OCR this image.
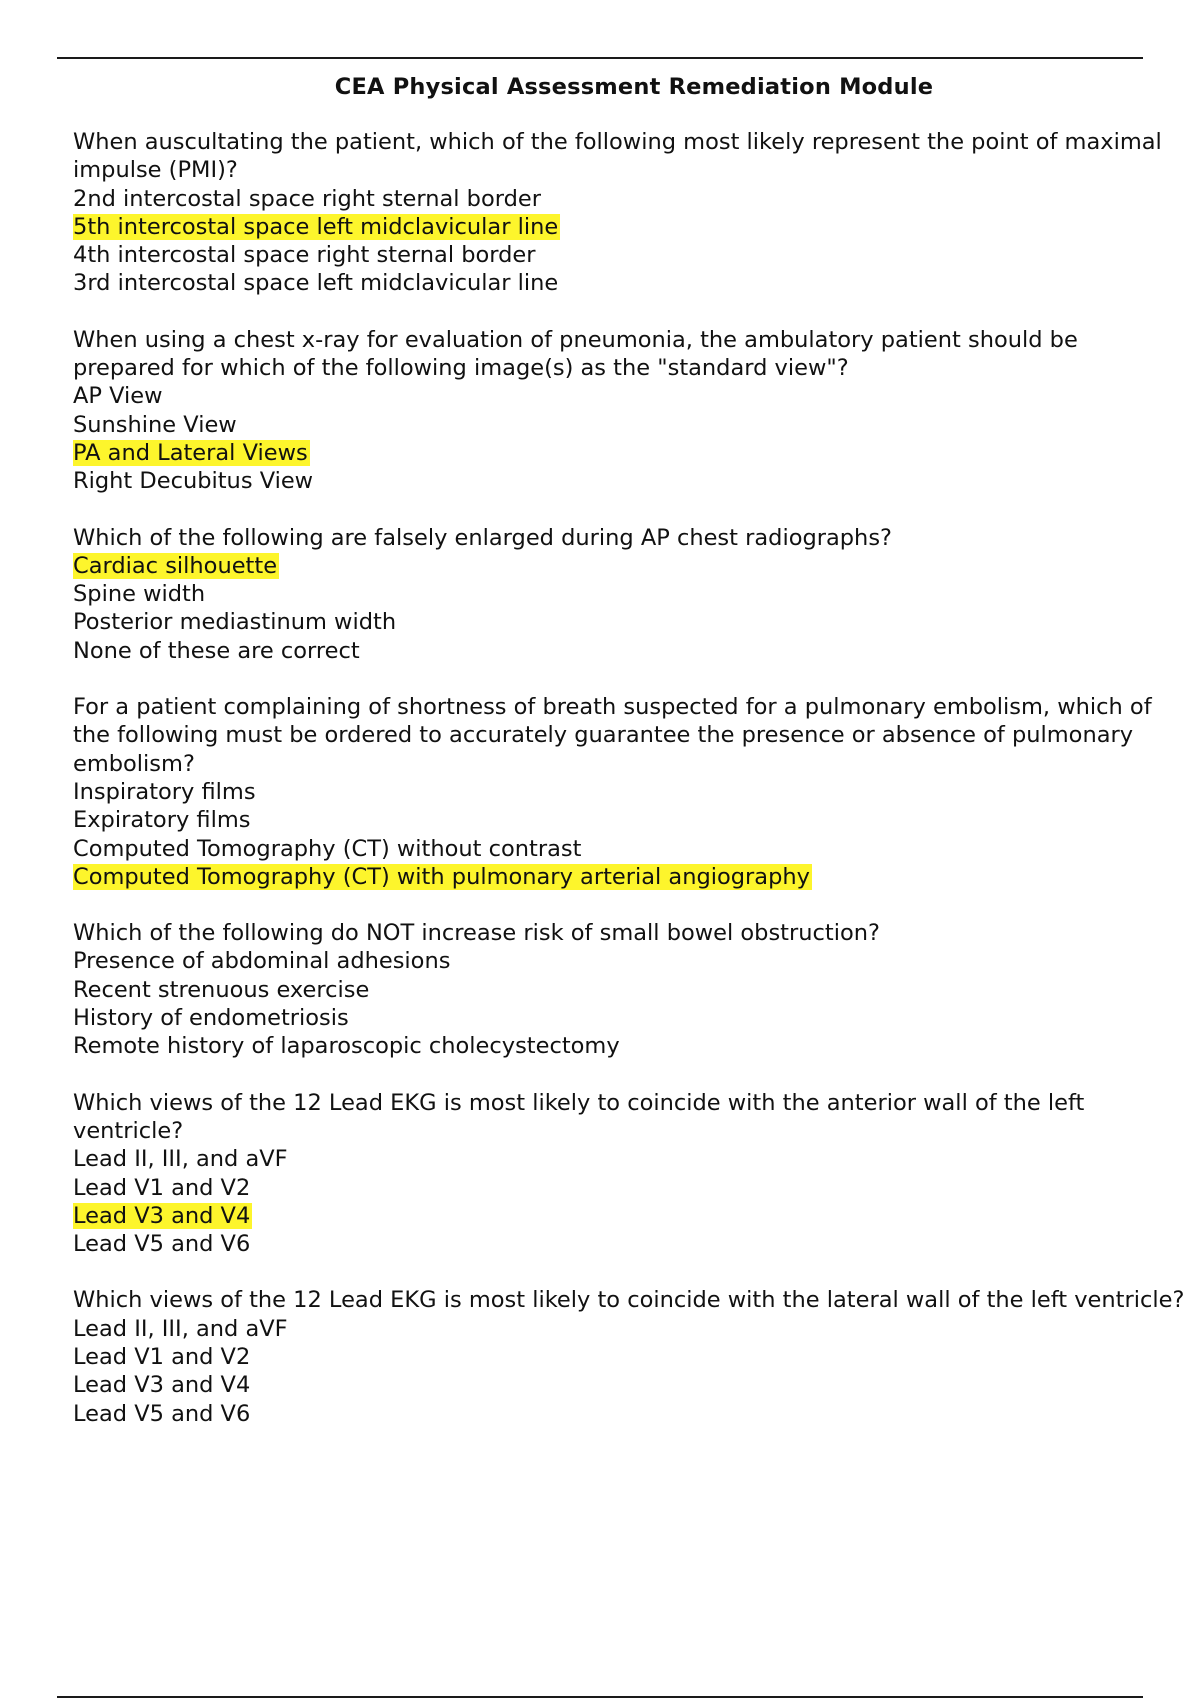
CEA Physical Assessment Remediation Module
When auscultating the patient, which of the following most likely represent the point of maximal impulse (PMI)?
2nd intercostal space right sternal border
5th intercostal space left midclavicular line
4th intercostal space right sternal border
3rd intercostal space left midclavicular line
When using a chest x-ray for evaluation of pneumonia, the ambulatory patient should be prepared for which of the following image(s) as the "standard view"?
AP View
Sunshine View
PA and Lateral Views
Right Decubitus View
Which of the following are falsely enlarged during AP chest radiographs?
Cardiac silhouette
Spine width
Posterior mediastinum width
None of these are correct
For a patient complaining of shortness of breath suspected for a pulmonary embolism, which of the following must be ordered to accurately guarantee the presence or absence of pulmonary embolism?
Inspiratory films
Expiratory films
Computed Tomography (CT) without contrast
Computed Tomography (CT) with pulmonary arterial angiography
Which of the following do NOT increase risk of small bowel obstruction?
Presence of abdominal adhesions
Recent strenuous exercise
History of endometriosis
Remote history of laparoscopic cholecystectomy
Which views of the 12 Lead EKG is most likely to coincide with the anterior wall of the left ventricle?
Lead II, III, and aVF
Lead V1 and V2
Lead V3 and V4
Lead V5 and V6
Which views of the 12 Lead EKG is most likely to coincide with the lateral wall of the left ventricle?
Lead II, III, and aVF
Lead V1 and V2
Lead V3 and V4
Lead V5 and V6
